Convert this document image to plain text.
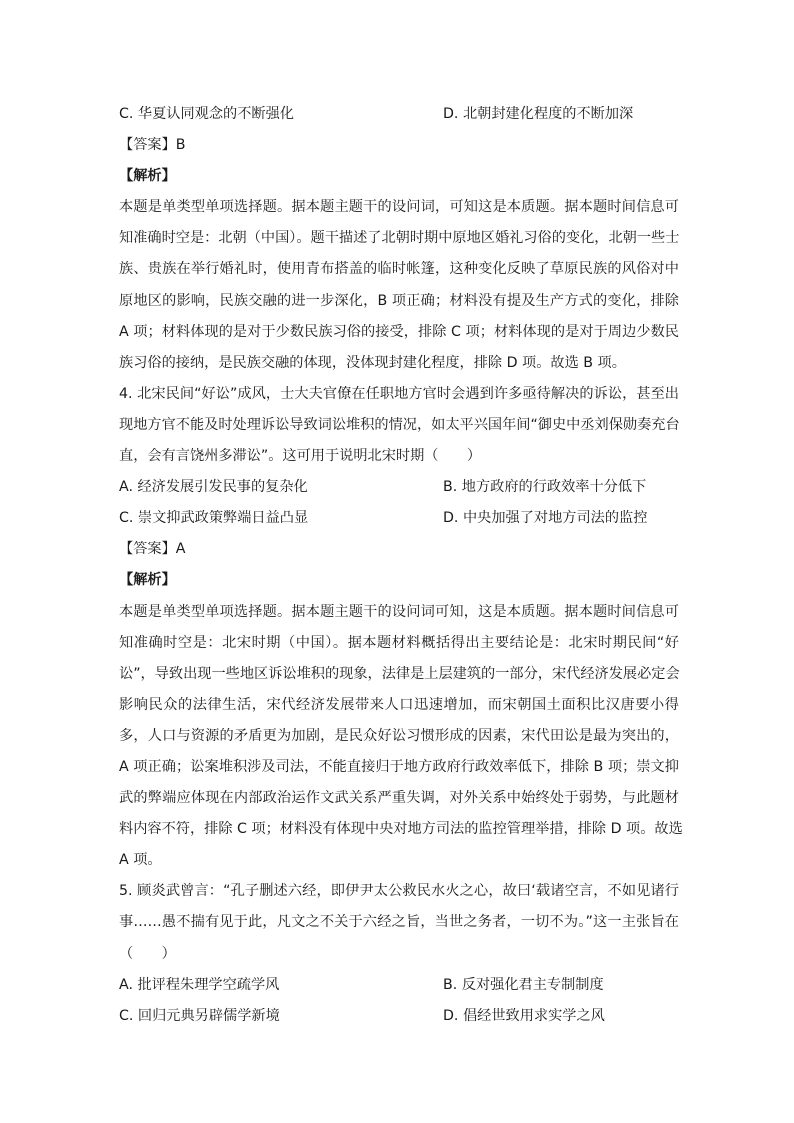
C. 华夏认同观念的不断强化	D. 北朝封建化程度的不断加深
【答案】B
【解析】
本题是单类型单项选择题。据本题主题干的设问词，可知这是本质题。据本题时间信息可
知准确时空是：北朝（中国）。题干描述了北朝时期中原地区婚礼习俗的变化，北朝一些士
族、贵族在举行婚礼时，使用青布搭盖的临时帐篷，这种变化反映了草原民族的风俗对中
原地区的影响，民族交融的进一步深化，B 项正确；材料没有提及生产方式的变化，排除
A 项；材料体现的是对于少数民族习俗的接受，排除 C 项；材料体现的是对于周边少数民
族习俗的接纳，是民族交融的体现，没体现封建化程度，排除 D 项。故选 B 项。
4. 北宋民间“好讼”成风，士大夫官僚在任职地方官时会遇到许多亟待解决的诉讼，甚至出
现地方官不能及时处理诉讼导致词讼堆积的情况，如太平兴国年间“御史中丞刘保勋奏充台
直，会有言饶州多滞讼”。这可用于说明北宋时期（　　）
A. 经济发展引发民事的复杂化	B. 地方政府的行政效率十分低下
C. 崇文抑武政策弊端日益凸显	D. 中央加强了对地方司法的监控
【答案】A
【解析】
本题是单类型单项选择题。据本题主题干的设问词可知，这是本质题。据本题时间信息可
知准确时空是：北宋时期（中国）。据本题材料概括得出主要结论是：北宋时期民间“好
讼”，导致出现一些地区诉讼堆积的现象，法律是上层建筑的一部分，宋代经济发展必定会
影响民众的法律生活，宋代经济发展带来人口迅速增加，而宋朝国土面积比汉唐要小得
多，人口与资源的矛盾更为加剧，是民众好讼习惯形成的因素，宋代田讼是最为突出的，
A 项正确；讼案堆积涉及司法，不能直接归于地方政府行政效率低下，排除 B 项；崇文抑
武的弊端应体现在内部政治运作文武关系严重失调，对外关系中始终处于弱势，与此题材
料内容不符，排除 C 项；材料没有体现中央对地方司法的监控管理举措，排除 D 项。故选
A 项。
5. 顾炎武曾言：“孔子删述六经，即伊尹太公救民水火之心，故曰‘载诸空言，不如见诸行
事……愚不揣有见于此，凡文之不关于六经之旨，当世之务者，一切不为。”这一主张旨在
（　　）
A. 批评程朱理学空疏学风	B. 反对强化君主专制制度
C. 回归元典另辟儒学新境	D. 倡经世致用求实学之风
